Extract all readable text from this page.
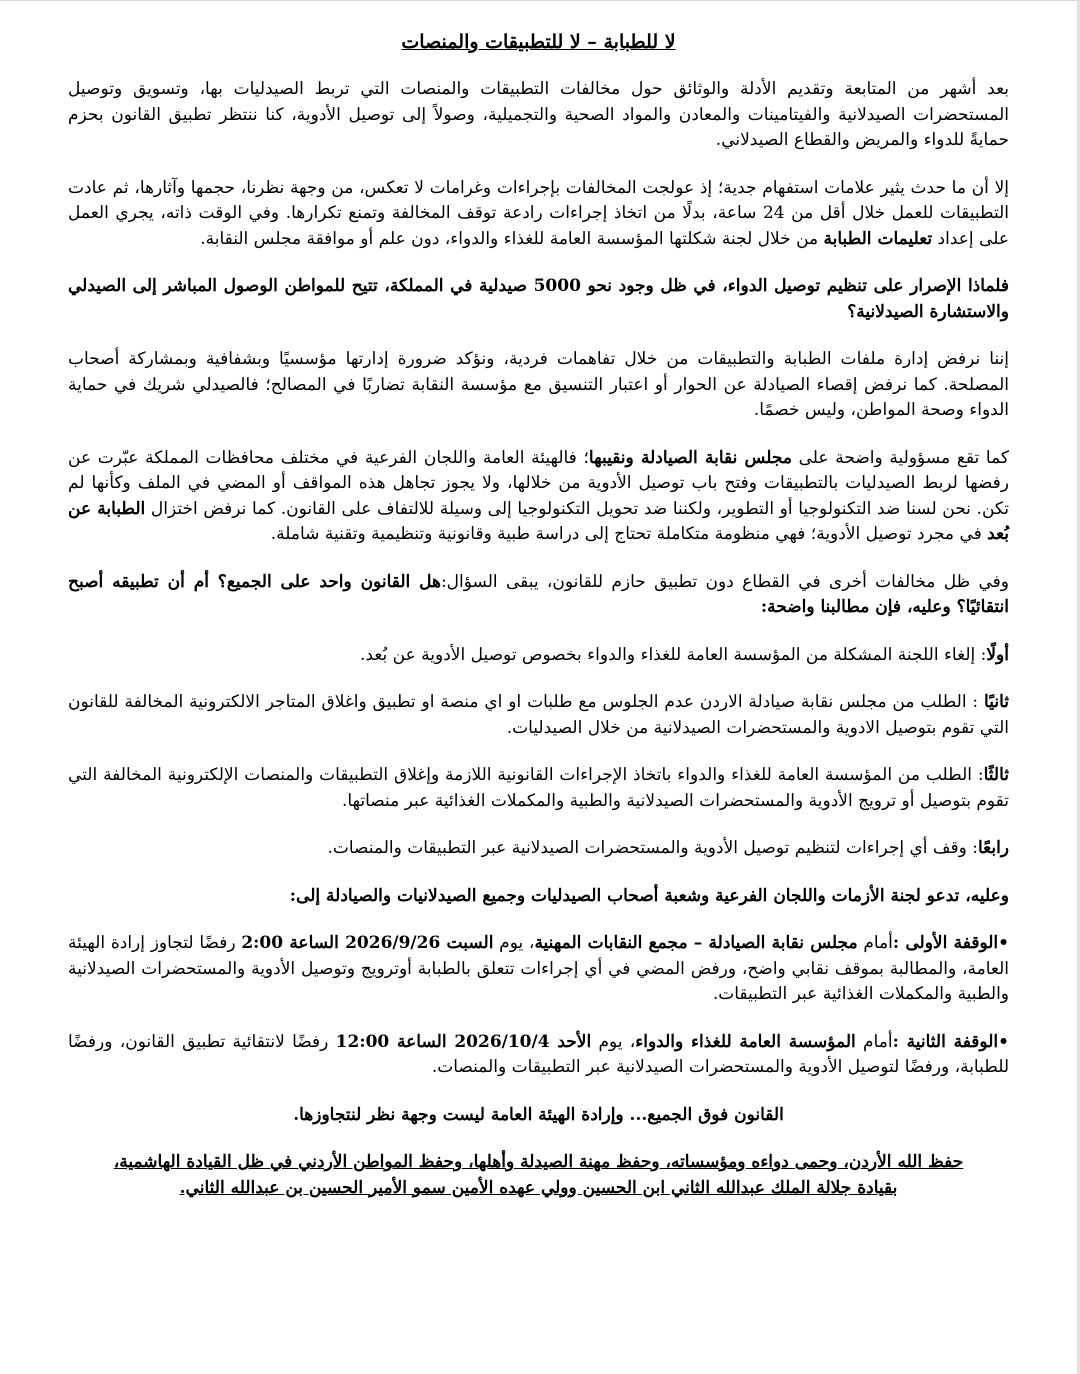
لا للطبابة – لا للتطبيقات والمنصات

بعد أشهر من المتابعة وتقديم الأدلة والوثائق حول مخالفات التطبيقات والمنصات التي تربط الصيدليات بها، وتسويق وتوصيل المستحضرات الصيدلانية والفيتامينات والمعادن والمواد الصحية والتجميلية، وصولاً إلى توصيل الأدوية، كنا ننتظر تطبيق القانون بحزم حمايةً للدواء والمريض والقطاع الصيدلاني.

إلا أن ما حدث يثير علامات استفهام جدية؛ إذ عولجت المخالفات بإجراءات وغرامات لا تعكس، من وجهة نظرنا، حجمها وآثارها، ثم عادت التطبيقات للعمل خلال أقل من 24 ساعة، بدلًا من اتخاذ إجراءات رادعة توقف المخالفة وتمنع تكرارها. وفي الوقت ذاته، يجري العمل على إعداد تعليمات الطبابة من خلال لجنة شكلتها المؤسسة العامة للغذاء والدواء، دون علم أو موافقة مجلس النقابة.

فلماذا الإصرار على تنظيم توصيل الدواء، في ظل وجود نحو 5000 صيدلية في المملكة، تتيح للمواطن الوصول المباشر إلى الصيدلي والاستشارة الصيدلانية؟

إننا نرفض إدارة ملفات الطبابة والتطبيقات من خلال تفاهمات فردية، ونؤكد ضرورة إدارتها مؤسسيًا وبشفافية وبمشاركة أصحاب المصلحة. كما نرفض إقصاء الصيادلة عن الحوار أو اعتبار التنسيق مع مؤسسة النقابة تضاربًا في المصالح؛ فالصيدلي شريك في حماية الدواء وصحة المواطن، وليس خصمًا.

كما تقع مسؤولية واضحة على مجلس نقابة الصيادلة ونقيبها؛ فالهيئة العامة واللجان الفرعية في مختلف محافظات المملكة عبّرت عن رفضها لربط الصيدليات بالتطبيقات وفتح باب توصيل الأدوية من خلالها، ولا يجوز تجاهل هذه المواقف أو المضي في الملف وكأنها لم تكن. نحن لسنا ضد التكنولوجيا أو التطوير، ولكننا ضد تحويل التكنولوجيا إلى وسيلة للالتفاف على القانون. كما نرفض اختزال الطبابة عن بُعد في مجرد توصيل الأدوية؛ فهي منظومة متكاملة تحتاج إلى دراسة طبية وقانونية وتنظيمية وتقنية شاملة.

وفي ظل مخالفات أخرى في القطاع دون تطبيق حازم للقانون، يبقى السؤال:هل القانون واحد على الجميع؟ أم أن تطبيقه أصبح انتقائيًا؟ وعليه، فإن مطالبنا واضحة:

أولًا: إلغاء اللجنة المشكلة من المؤسسة العامة للغذاء والدواء بخصوص توصيل الأدوية عن بُعد.

ثانيًا : الطلب من مجلس نقابة صيادلة الاردن عدم الجلوس مع طلبات او اي منصة او تطبيق واغلاق المتاجر الالكترونية المخالفة للقانون التي تقوم بتوصيل الادوية والمستحضرات الصيدلانية من خلال الصيدليات.

ثالثًا: الطلب من المؤسسة العامة للغذاء والدواء باتخاذ الإجراءات القانونية اللازمة وإغلاق التطبيقات والمنصات الإلكترونية المخالفة التي تقوم بتوصيل أو ترويج الأدوية والمستحضرات الصيدلانية والطبية والمكملات الغذائية عبر منصاتها.

رابعًا: وقف أي إجراءات لتنظيم توصيل الأدوية والمستحضرات الصيدلانية عبر التطبيقات والمنصات.

وعليه، تدعو لجنة الأزمات واللجان الفرعية وشعبة أصحاب الصيدليات وجميع الصيدلانيات والصيادلة إلى:

•الوقفة الأولى :أمام مجلس نقابة الصيادلة – مجمع النقابات المهنية، يوم السبت 2026/9/26 الساعة 2:00 رفضًا لتجاوز إرادة الهيئة العامة، والمطالبة بموقف نقابي واضح، ورفض المضي في أي إجراءات تتعلق بالطبابة أوترويج وتوصيل الأدوية والمستحضرات الصيدلانية والطبية والمكملات الغذائية عبر التطبيقات.

•الوقفة الثانية :أمام المؤسسة العامة للغذاء والدواء، يوم الأحد 2026/10/4 الساعة 12:00 رفضًا لانتقائية تطبيق القانون، ورفضًا للطبابة، ورفضًا لتوصيل الأدوية والمستحضرات الصيدلانية عبر التطبيقات والمنصات.

القانون فوق الجميع... وإرادة الهيئة العامة ليست وجهة نظر لنتجاوزها.

حفظ الله الأردن، وحمى دواءه ومؤسساته، وحفظ مهنة الصيدلة وأهلها، وحفظ المواطن الأردني في ظل القيادة الهاشمية،
بقيادة جلالة الملك عبدالله الثاني ابن الحسين وولي عهده الأمين سمو الأمير الحسين بن عبدالله الثاني.
